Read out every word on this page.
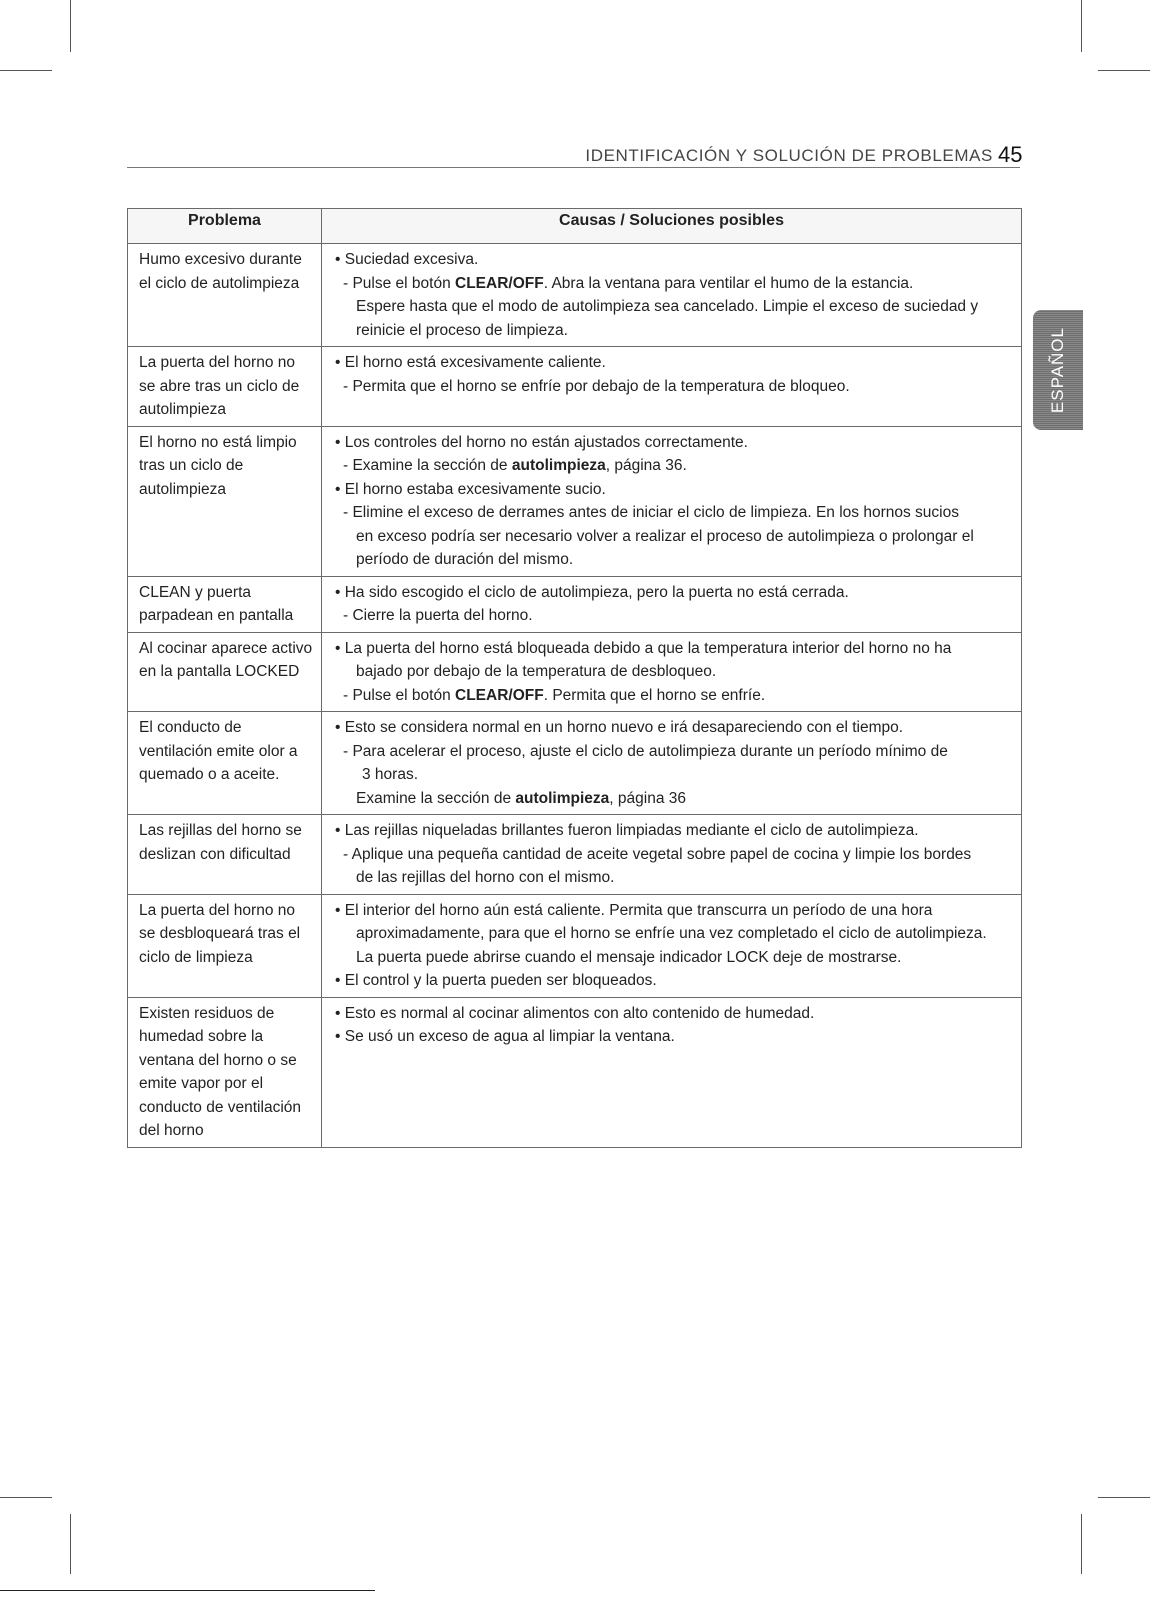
IDENTIFICACIÓN Y SOLUCIÓN DE PROBLEMAS 45
ESPAÑOL
Problema	Causas / Soluciones posibles
Humo excesivo durante el ciclo de autolimpieza	• Suciedad excesiva.
- Pulse el botón CLEAR/OFF. Abra la ventana para ventilar el humo de la estancia.
Espere hasta que el modo de autolimpieza sea cancelado. Limpie el exceso de suciedad y reinicie el proceso de limpieza.

La puerta del horno no se abre tras un ciclo de autolimpieza	• El horno está excesivamente caliente.
- Permita que el horno se enfríe por debajo de la temperatura de bloqueo.

El horno no está limpio tras un ciclo de autolimpieza	• Los controles del horno no están ajustados correctamente.
- Examine la sección de autolimpieza, página 36.
• El horno estaba excesivamente sucio.
- Elimine el exceso de derrames antes de iniciar el ciclo de limpieza. En los hornos sucios
en exceso podría ser necesario volver a realizar el proceso de autolimpieza o prolongar el período de duración del mismo.

CLEAN y puerta parpadean en pantalla	• Ha sido escogido el ciclo de autolimpieza, pero la puerta no está cerrada.
- Cierre la puerta del horno.

Al cocinar aparece activo en la pantalla LOCKED	• La puerta del horno está bloqueada debido a que la temperatura interior del horno no ha
bajado por debajo de la temperatura de desbloqueo.
- Pulse el botón CLEAR/OFF. Permita que el horno se enfríe.

El conducto de ventilación emite olor a quemado o a aceite.	• Esto se considera normal en un horno nuevo e irá desapareciendo con el tiempo.
- Para acelerar el proceso, ajuste el ciclo de autolimpieza durante un período mínimo de
3 horas.
Examine la sección de autolimpieza, página 36

Las rejillas del horno se deslizan con dificultad	• Las rejillas niqueladas brillantes fueron limpiadas mediante el ciclo de autolimpieza.
- Aplique una pequeña cantidad de aceite vegetal sobre papel de cocina y limpie los bordes
de las rejillas del horno con el mismo.

La puerta del horno no se desbloqueará tras el ciclo de limpieza	• El interior del horno aún está caliente. Permita que transcurra un período de una hora
aproximadamente, para que el horno se enfríe una vez completado el ciclo de autolimpieza.
La puerta puede abrirse cuando el mensaje indicador LOCK deje de mostrarse.
• El control y la puerta pueden ser bloqueados.

Existen residuos de humedad sobre la ventana del horno o se emite vapor por el conducto de ventilación del horno	• Esto es normal al cocinar alimentos con alto contenido de humedad.
• Se usó un exceso de agua al limpiar la ventana.
